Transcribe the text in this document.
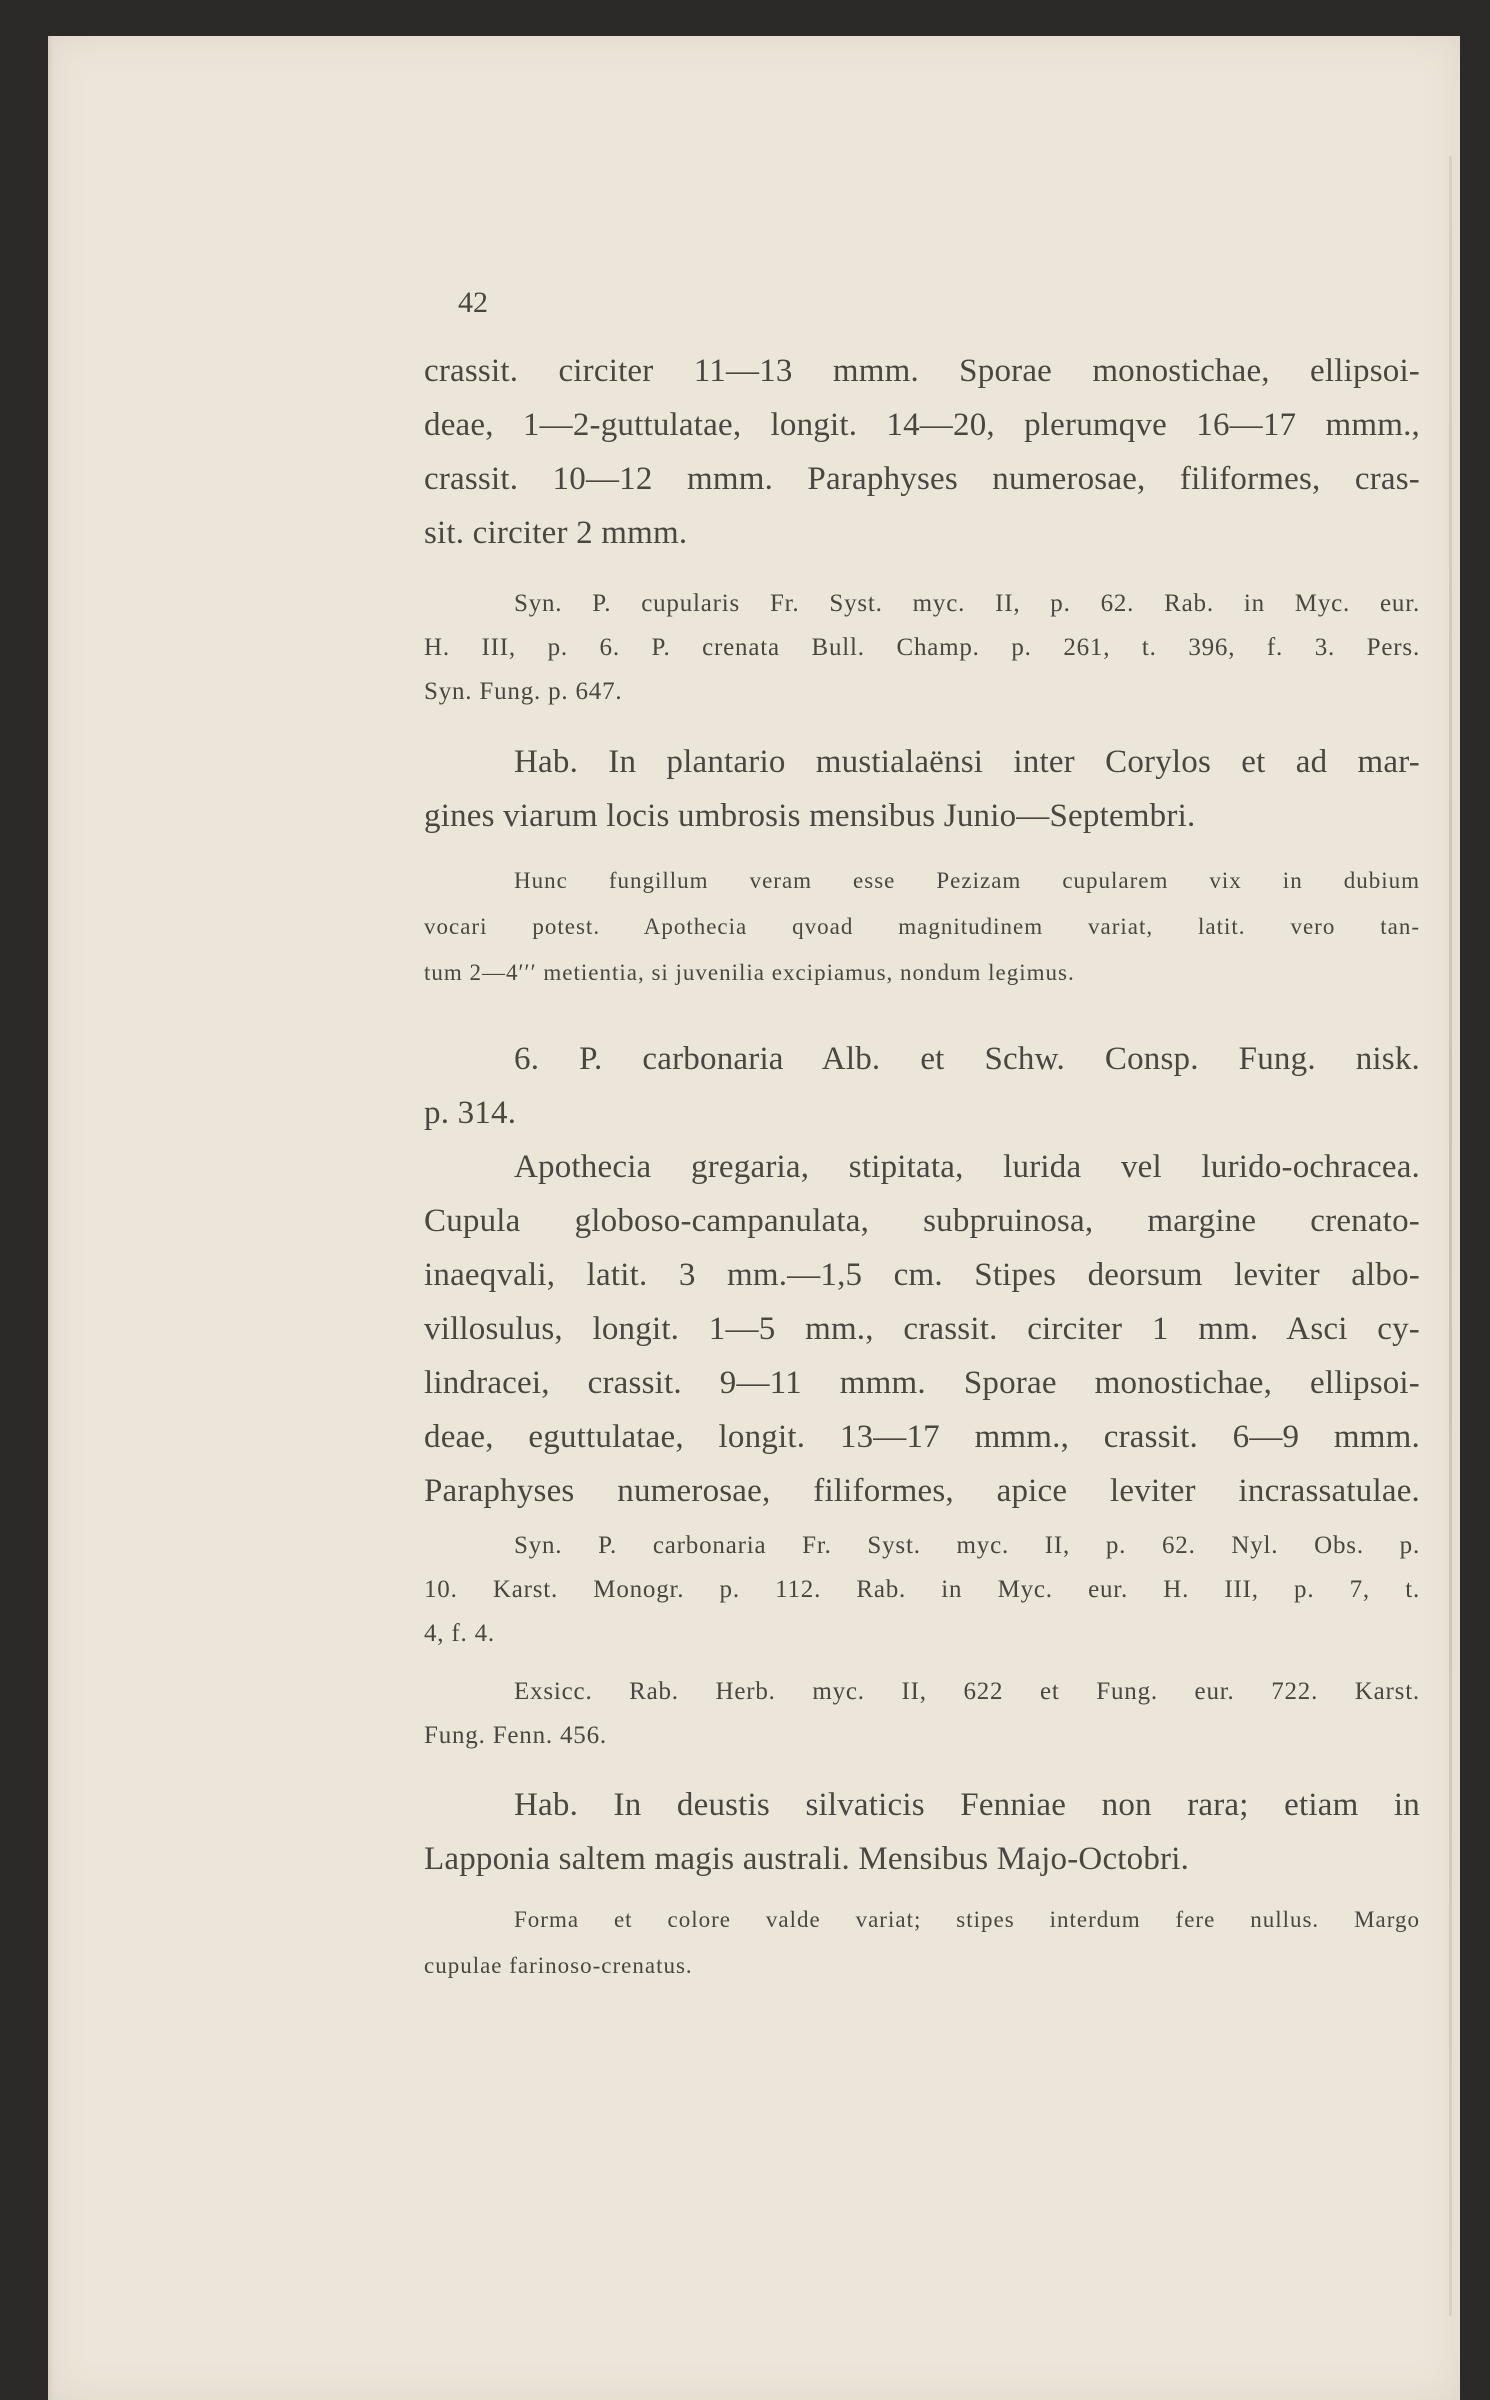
42
crassit. circiter 11—13 mmm. Sporae monostichae, ellipsoi-
deae, 1—2-guttulatae, longit. 14—20, plerumqve 16—17 mmm.,
crassit. 10—12 mmm. Paraphyses numerosae, filiformes, cras-
sit. circiter 2 mmm.
Syn. P. cupularis Fr. Syst. myc. II, p. 62. Rab. in Myc. eur.
H. III, p. 6. P. crenata Bull. Champ. p. 261, t. 396, f. 3. Pers.
Syn. Fung. p. 647.
Hab. In plantario mustialaënsi inter Corylos et ad mar-
gines viarum locis umbrosis mensibus Junio—Septembri.
Hunc fungillum veram esse Pezizam cupularem vix in dubium
vocari potest. Apothecia qvoad magnitudinem variat, latit. vero tan-
tum 2—4′′′ metientia, si juvenilia excipiamus, nondum legimus.
6. P. carbonaria Alb. et Schw. Consp. Fung. nisk.
p. 314.
Apothecia gregaria, stipitata, lurida vel lurido-ochracea.
Cupula globoso-campanulata, subpruinosa, margine crenato-
inaeqvali, latit. 3 mm.—1,5 cm. Stipes deorsum leviter albo-
villosulus, longit. 1—5 mm., crassit. circiter 1 mm. Asci cy-
lindracei, crassit. 9—11 mmm. Sporae monostichae, ellipsoi-
deae, eguttulatae, longit. 13—17 mmm., crassit. 6—9 mmm.
Paraphyses numerosae, filiformes, apice leviter incrassatulae.
Syn. P. carbonaria Fr. Syst. myc. II, p. 62. Nyl. Obs. p.
10. Karst. Monogr. p. 112. Rab. in Myc. eur. H. III, p. 7, t.
4, f. 4.
Exsicc. Rab. Herb. myc. II, 622 et Fung. eur. 722. Karst.
Fung. Fenn. 456.
Hab. In deustis silvaticis Fenniae non rara; etiam in
Lapponia saltem magis australi. Mensibus Majo-Octobri.
Forma et colore valde variat; stipes interdum fere nullus. Margo
cupulae farinoso-crenatus.
